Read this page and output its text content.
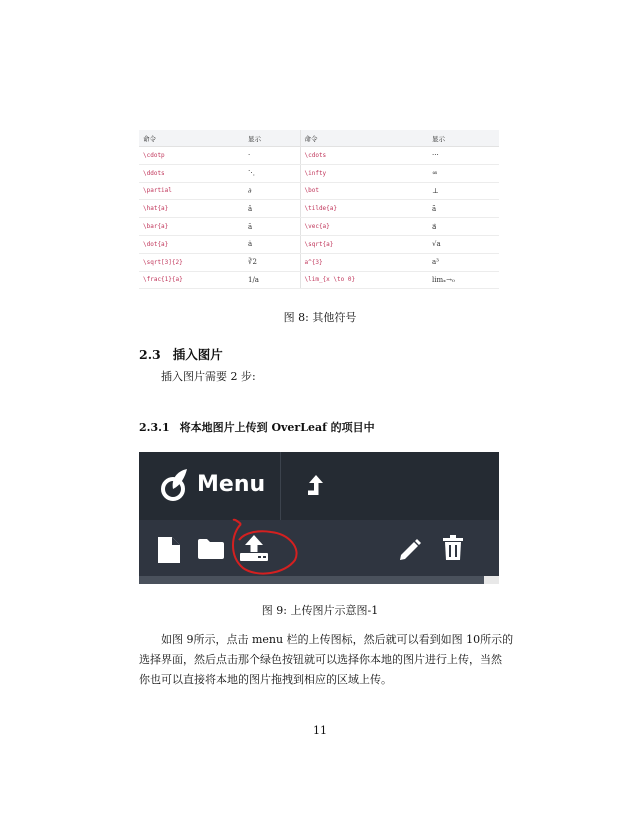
命令	显示	命令	显示
\cdotp	·	\cdots	···
\ddots	⋱	\infty	∞
\partial	∂	\bot	⊥
\hat{a}	â	\tilde{a}	ã
\bar{a}	ā	\vec{a}	a⃗
\dot{a}	ȧ	\sqrt{a}	√a
\sqrt[3]{2}	∛2	a^{3}	a³
\frac{1}{a}	1/a	\lim_{x \to 0}	limₓ→₀
图 8: 其他符号
2.3 插入图片
插入图片需要 2 步:
2.3.1 将本地图片上传到 OverLeaf 的项目中
Menu
图 9: 上传图片示意图-1
如图 9所示，点击 menu 栏的上传图标，然后就可以看到如图 10所示的
选择界面，然后点击那个绿色按钮就可以选择你本地的图片进行上传，当然
你也可以直接将本地的图片拖拽到相应的区域上传。
11
